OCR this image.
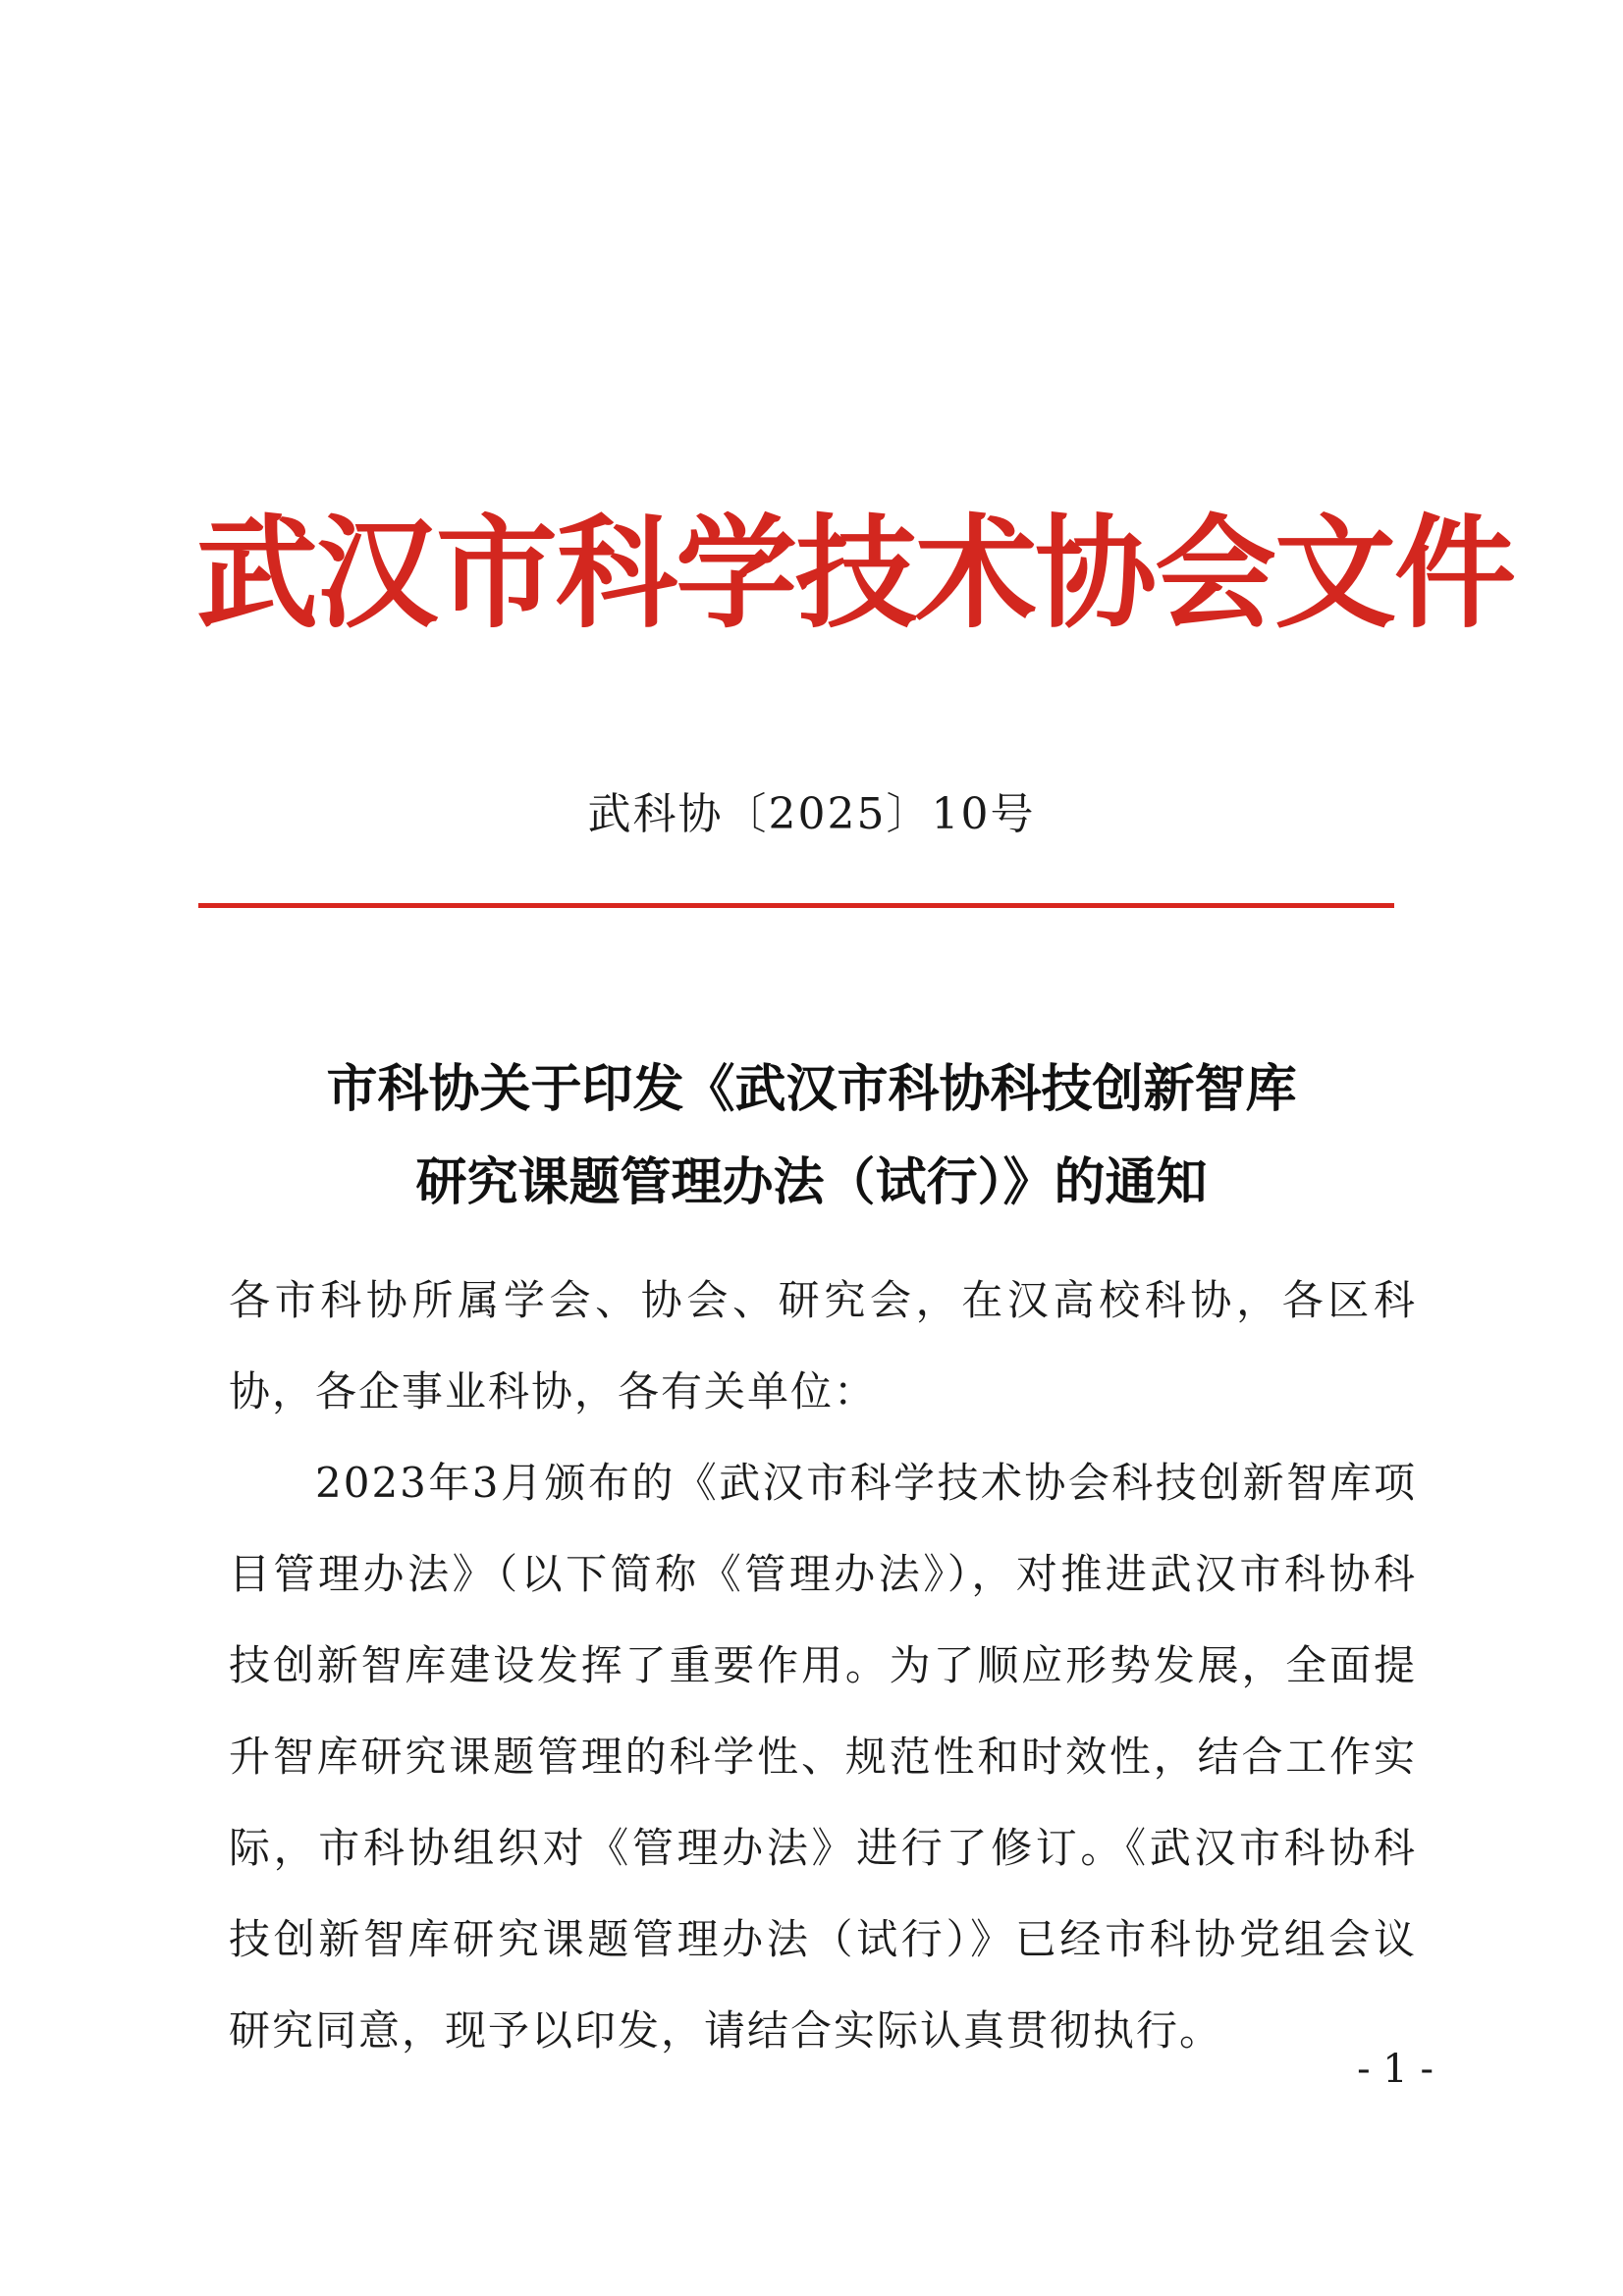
武汉市科学技术协会文件
武科协〔2025〕10号
市科协关于印发《武汉市科协科技创新智库
研究课题管理办法（试行）》的通知

各市科协所属学会、协会、研究会，在汉高校科协，各区科协，各企事业科协，各有关单位：

2023年3月颁布的《武汉市科学技术协会科技创新智库项目管理办法》（以下简称《管理办法》），对推进武汉市科协科技创新智库建设发挥了重要作用。为了顺应形势发展，全面提升智库研究课题管理的科学性、规范性和时效性，结合工作实际，市科协组织对《管理办法》进行了修订。《武汉市科协科技创新智库研究课题管理办法（试行）》已经市科协党组会议研究同意，现予以印发，请结合实际认真贯彻执行。

- 1 -
